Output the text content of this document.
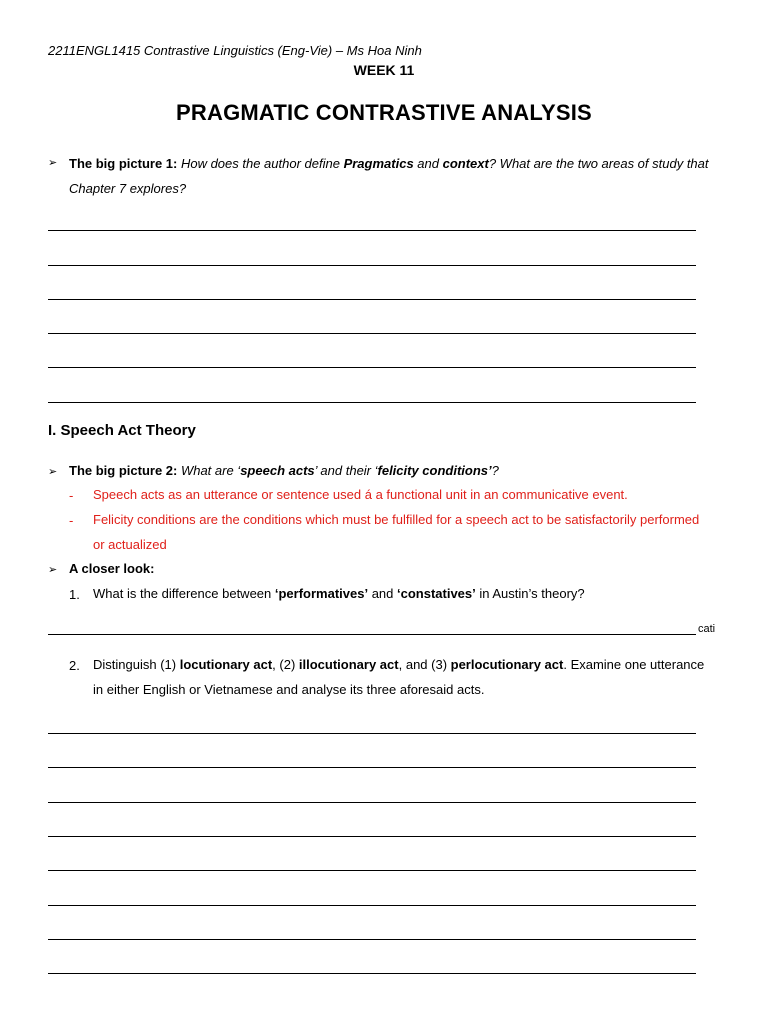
2211ENGL1415 Contrastive Linguistics (Eng-Vie) – Ms Hoa Ninh
WEEK 11
PRAGMATIC CONTRASTIVE ANALYSIS
➢ The big picture 1: How does the author define Pragmatics and context? What are the two areas of study that Chapter 7 explores?
I. Speech Act Theory
➢ The big picture 2: What are ‘speech acts’ and their ‘felicity conditions’?
- Speech acts as an utterance or sentence used á a functional unit in an communicative event.
- Felicity conditions are the conditions which must be fulfilled for a speech act to be satisfactorily performed
or actualized
➢ A closer look:
1. What is the difference between ‘performatives’ and ‘constatives’ in Austin’s theory?
cati
2. Distinguish (1) locutionary act, (2) illocutionary act, and (3) perlocutionary act. Examine one utterance in either English or Vietnamese and analyse its three aforesaid acts.
